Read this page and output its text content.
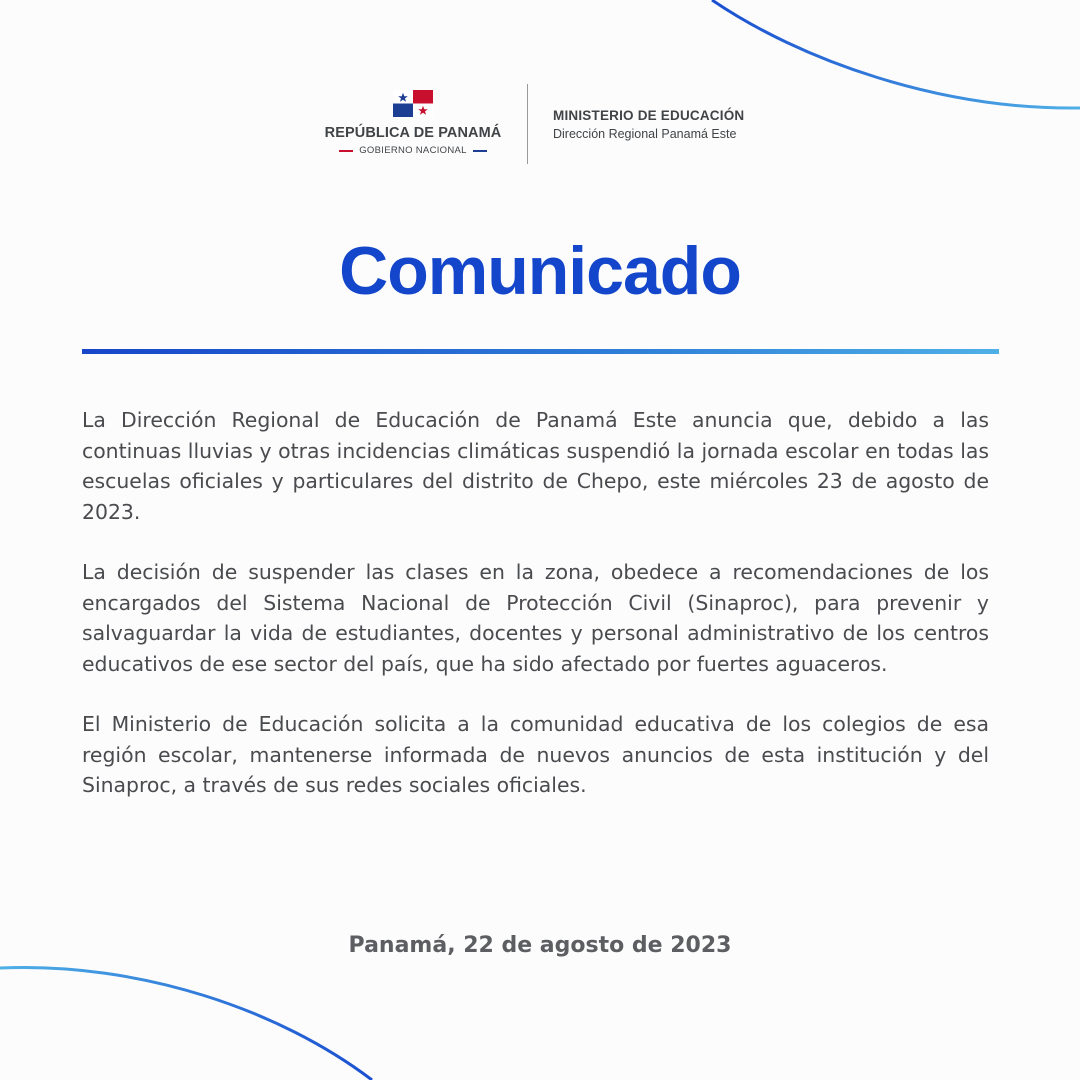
REPÚBLICA DE PANAMÁ
GOBIERNO NACIONAL
MINISTERIO DE EDUCACIÓN
Dirección Regional Panamá Este
Comunicado

La Dirección Regional de Educación de Panamá Este anuncia que, debido a las continuas lluvias y otras incidencias climáticas suspendió la jornada escolar en todas las escuelas oficiales y particulares del distrito de Chepo, este miércoles 23 de agosto de 2023.

La decisión de suspender las clases en la zona, obedece a recomendaciones de los encargados del Sistema Nacional de Protección Civil (Sinaproc), para prevenir y salvaguardar la vida de estudiantes, docentes y personal administrativo de los centros educativos de ese sector del país, que ha sido afectado por fuertes aguaceros.

El Ministerio de Educación solicita a la comunidad educativa de los colegios de esa región escolar, mantenerse informada de nuevos anuncios de esta institución y del Sinaproc, a través de sus redes sociales oficiales.

Panamá, 22 de agosto de 2023
